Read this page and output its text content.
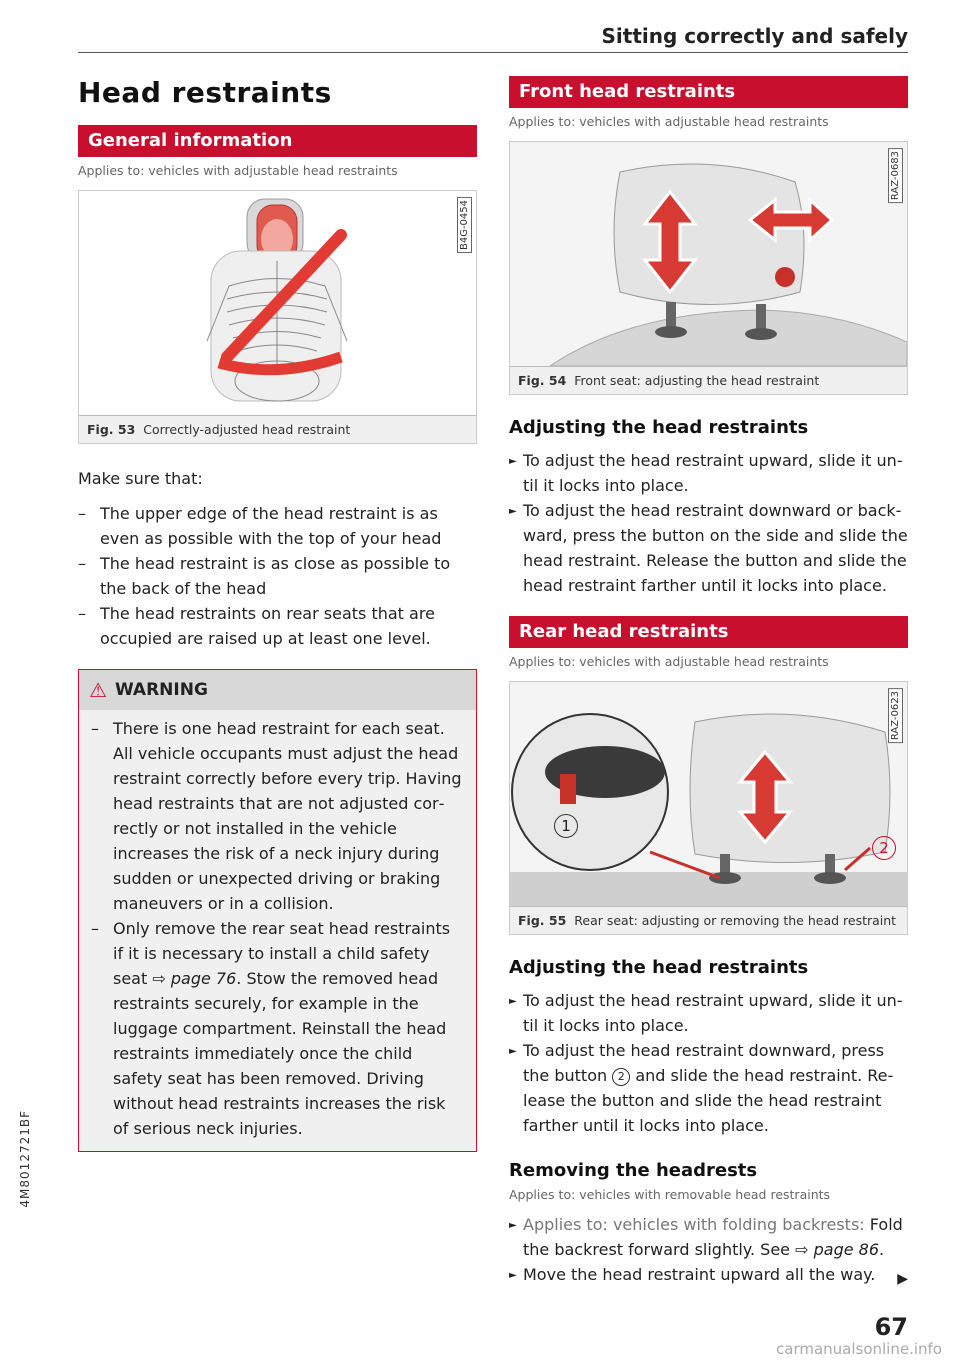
Sitting correctly and safely
4M8012721BF
Head restraints
General information
Applies to: vehicles with adjustable head restraints
B4G-0454
Fig. 53 Correctly-adjusted head restraint
Make sure that:
– The upper edge of the head restraint is as even as possible with the top of your head
– The head restraint is as close as possible to the back of the head
– The head restraints on rear seats that are occupied are raised up at least one level.
⚠ WARNING
– There is one head restraint for each seat. All vehicle occupants must adjust the head restraint correctly before every trip. Having head restraints that are not adjusted correctly or not installed in the vehicle increases the risk of a neck injury during sudden or unexpected driving or braking maneuvers or in a collision.
– Only remove the rear seat head restraints if it is necessary to install a child safety seat ⇨ page 76. Stow the removed head restraints securely, for example in the luggage compartment. Reinstall the head restraints immediately once the child safety seat has been removed. Driving without head restraints increases the risk of serious neck injuries.
Front head restraints
Applies to: vehicles with adjustable head restraints
RAZ-0683
Fig. 54 Front seat: adjusting the head restraint
Adjusting the head restraints
► To adjust the head restraint upward, slide it until it locks into place.
► To adjust the head restraint downward or backward, press the button on the side and slide the head restraint. Release the button and slide the head restraint farther until it locks into place.
Rear head restraints
Applies to: vehicles with adjustable head restraints
1
2
RAZ-0623
Fig. 55 Rear seat: adjusting or removing the head restraint
Adjusting the head restraints
► To adjust the head restraint upward, slide it until it locks into place.
► To adjust the head restraint downward, press the button 2 and slide the head restraint. Release the button and slide the head restraint farther until it locks into place.
Removing the headrests
Applies to: vehicles with removable head restraints
► Applies to: vehicles with folding backrests: Fold the backrest forward slightly. See ⇨ page 86.
► Move the head restraint upward all the way.	▶
67
carmanualsonline.info
